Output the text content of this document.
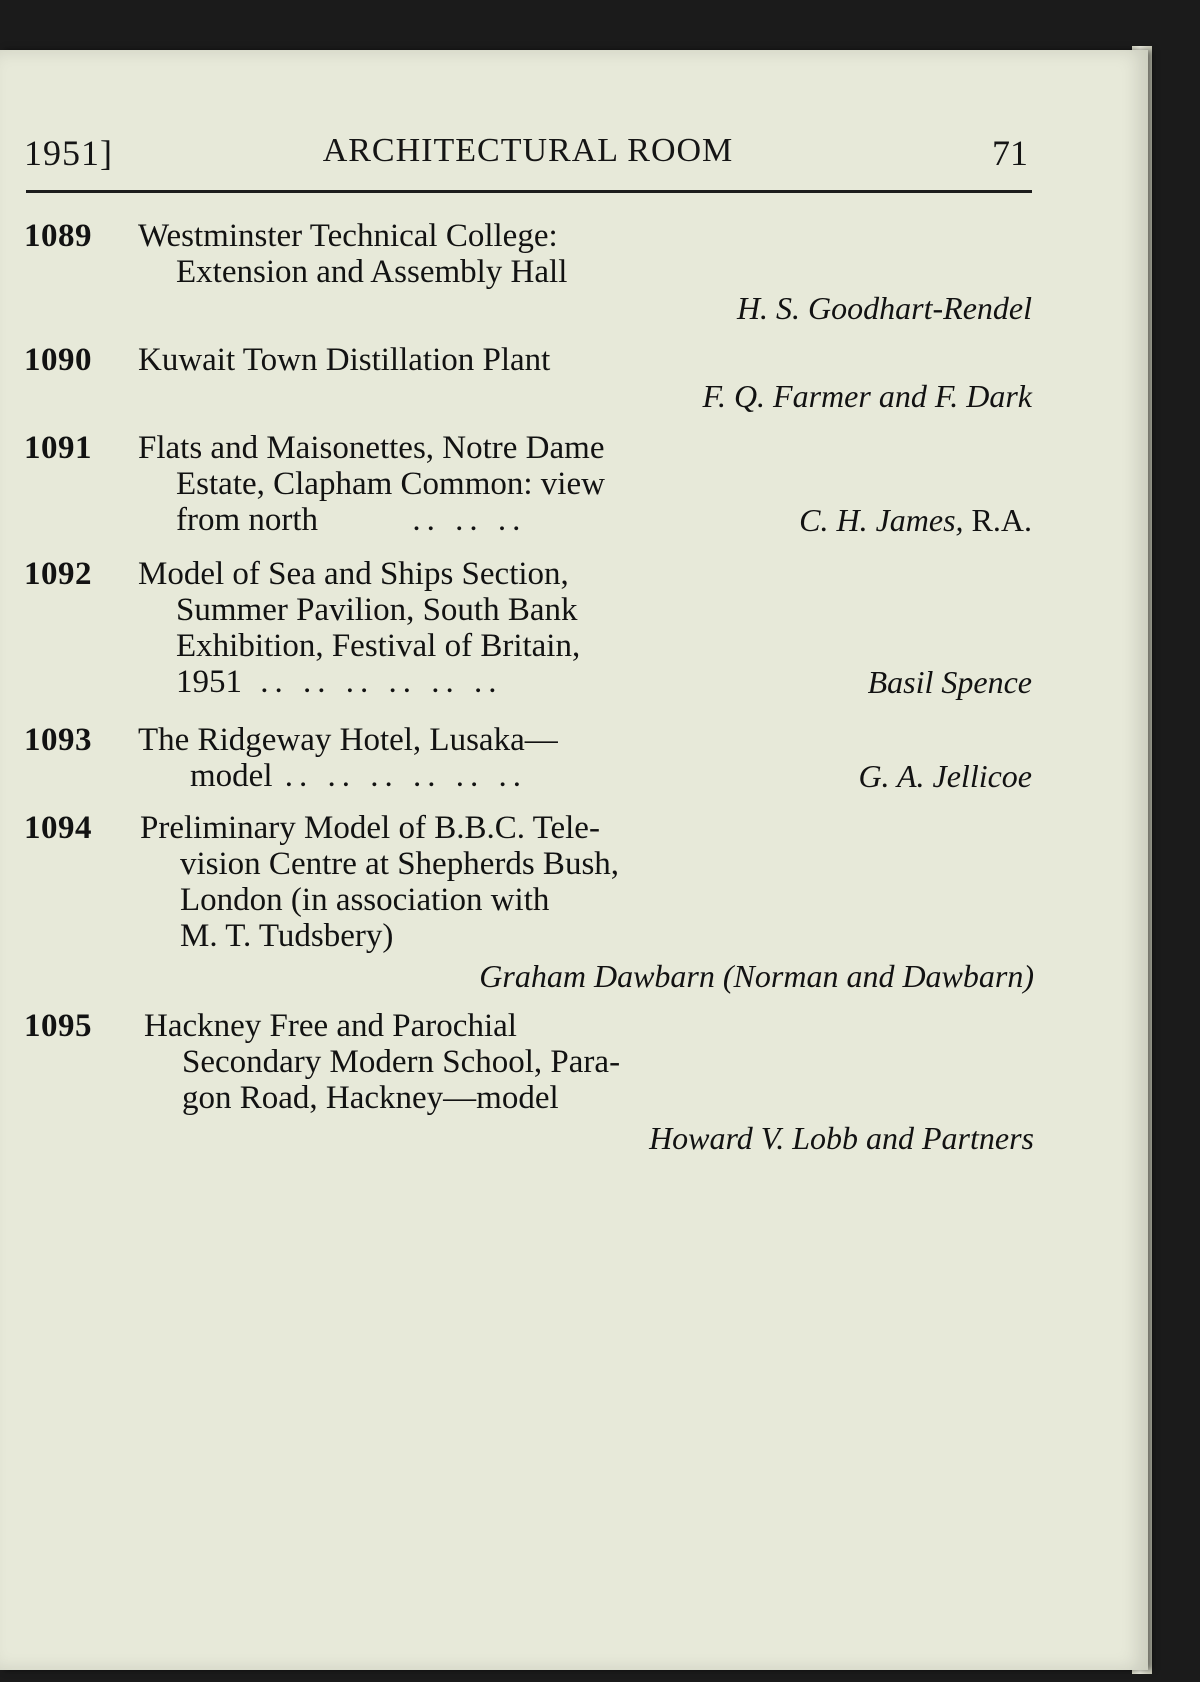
1951]	ARCHITECTURAL ROOM	71
1089 Westminster Technical College:
Extension and Assembly Hall
H. S. Goodhart-Rendel
1090 Kuwait Town Distillation Plant
F. Q. Farmer and F. Dark
1091 Flats and Maisonettes, Notre Dame
Estate, Clapham Common: view
from north	.. .. ..	C. H. James, R.A.
1092 Model of Sea and Ships Section,
Summer Pavilion, South Bank
Exhibition, Festival of Britain,
1951 .. .. .. .. .. ..	Basil Spence
1093 The Ridgeway Hotel, Lusaka—
model .. .. .. .. .. ..	G. A. Jellicoe
1094 Preliminary Model of B.B.C. Tele-
vision Centre at Shepherds Bush,
London (in association with
M. T. Tudsbery)
Graham Dawbarn (Norman and Dawbarn)
1095 Hackney Free and Parochial
Secondary Modern School, Para-
gon Road, Hackney—model
Howard V. Lobb and Partners
